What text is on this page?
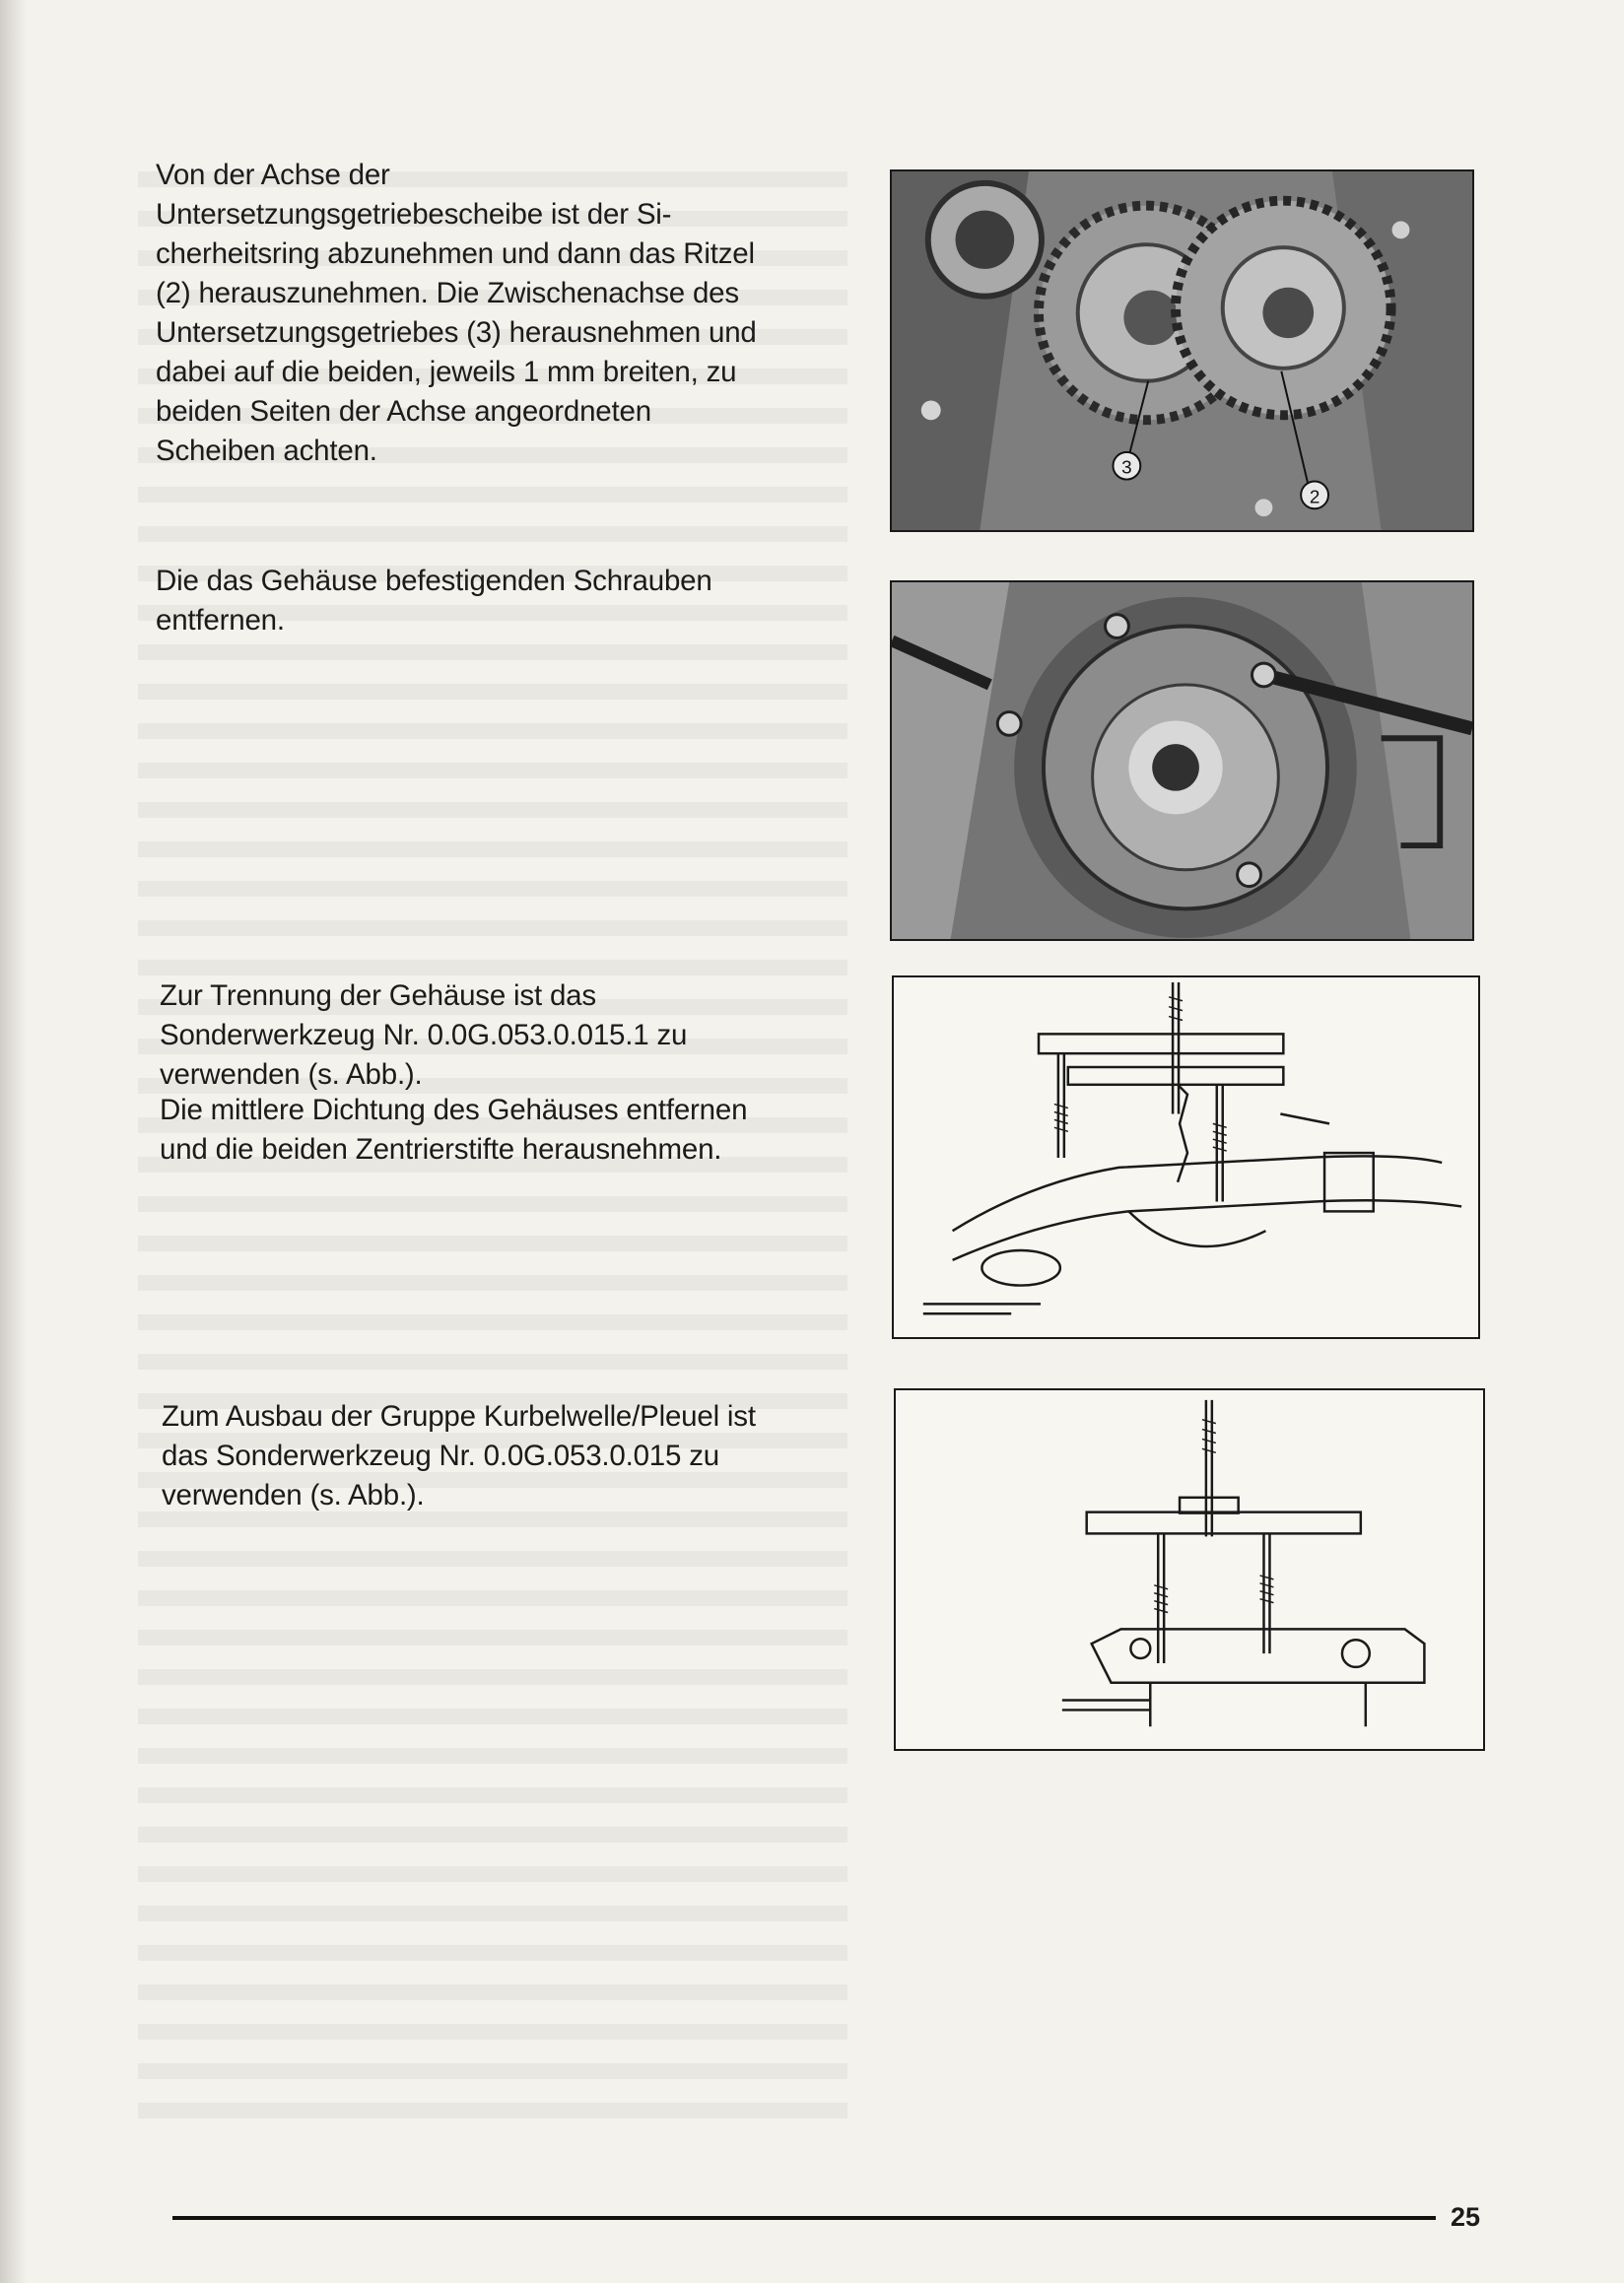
Von der Achse der
Untersetzungsgetriebescheibe ist der Si-
cherheitsring abzunehmen und dann das Ritzel
(2) herauszunehmen. Die Zwischenachse des
Untersetzungsgetriebes (3) herausnehmen und
dabei auf die beiden, jeweils 1 mm breiten, zu
beiden Seiten der Achse angeordneten
Scheiben achten.

Die das Gehäuse befestigenden Schrauben
entfernen.

Zur Trennung der Gehäuse ist das
Sonderwerkzeug Nr. 0.0G.053.0.015.1 zu
verwenden (s. Abb.).

Die mittlere Dichtung des Gehäuses entfernen
und die beiden Zentrierstifte herausnehmen.

Zum Ausbau der Gruppe Kurbelwelle/Pleuel ist
das Sonderwerkzeug Nr. 0.0G.053.0.015 zu
verwenden (s. Abb.).

3
2
25
